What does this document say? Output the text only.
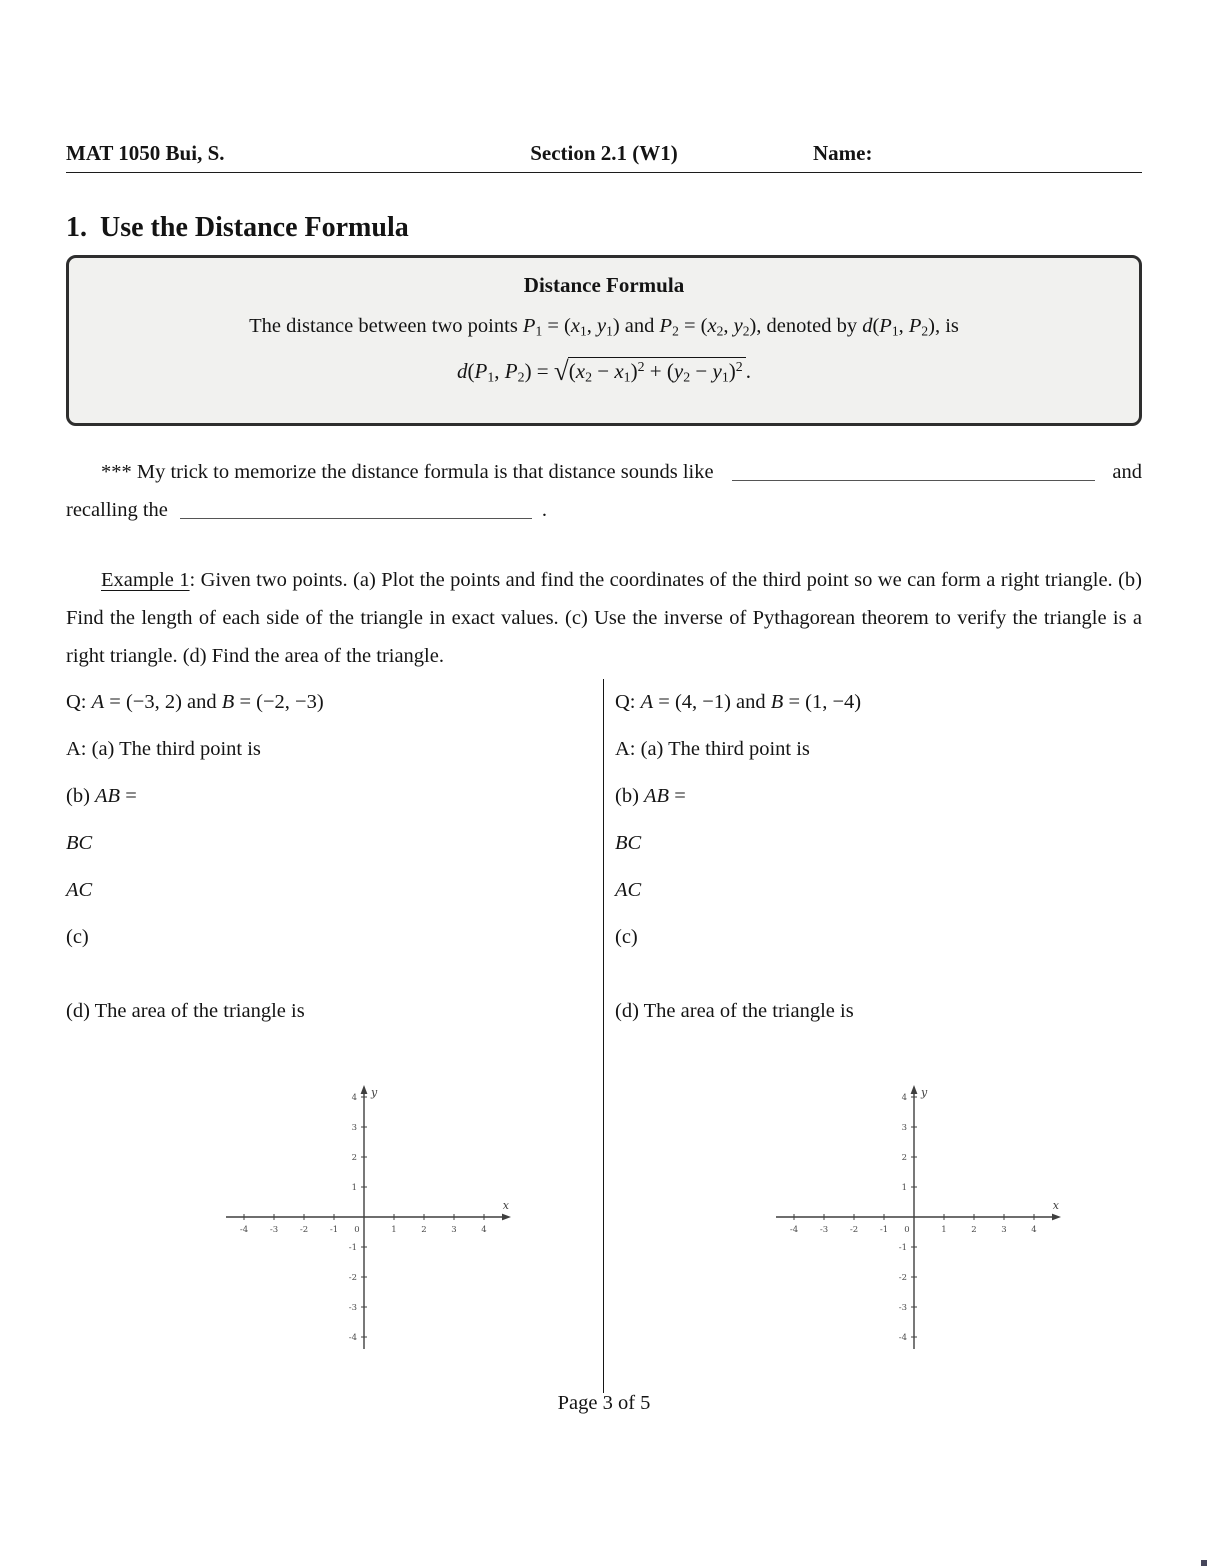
MAT 1050 Bui, S.	Section 2.1 (W1)	Name:
1. Use the Distance Formula
Distance Formula
The distance between two points $P_1 = (x_1$, $y_1$) and $P_2 = (x_2$, $y_2$), denoted by $d(P_1$, $P_2$), is
$d(P_1$, $P_2) = √(x_2 - x_1)^2 + (y_2 - y_1)^2$ .
*** My trick to memorize the distance formula is that distance sounds like	and
recalling the	.

Example 1: Given two points. (a) Plot the points and find the coordinates of the third point so we can form a right triangle. (b) Find the length of each side of the triangle in exact values. (c) Use the inverse of Pythagorean theorem to verify the triangle is a right triangle. (d) Find the area of the triangle.

Q: A = (−3, 2) and B = (−2, −3)
A: (a) The third point is
(b) AB =
BC
AC
(c)
(d) The area of the triangle is
-4	-3	-2	-1 0	1	2	3	4
-4
-3
-2
-1
1
2
3
4
x
y
Q: A = (4, −1) and B = (1, −4)
A: (a) The third point is
(b) AB =
BC
AC
(c)
(d) The area of the triangle is
-4	-3	-2	-1 0	1	2	3	4
-4
-3
-2
-1
1
2
3
4
x
y
Page 3 of 5
